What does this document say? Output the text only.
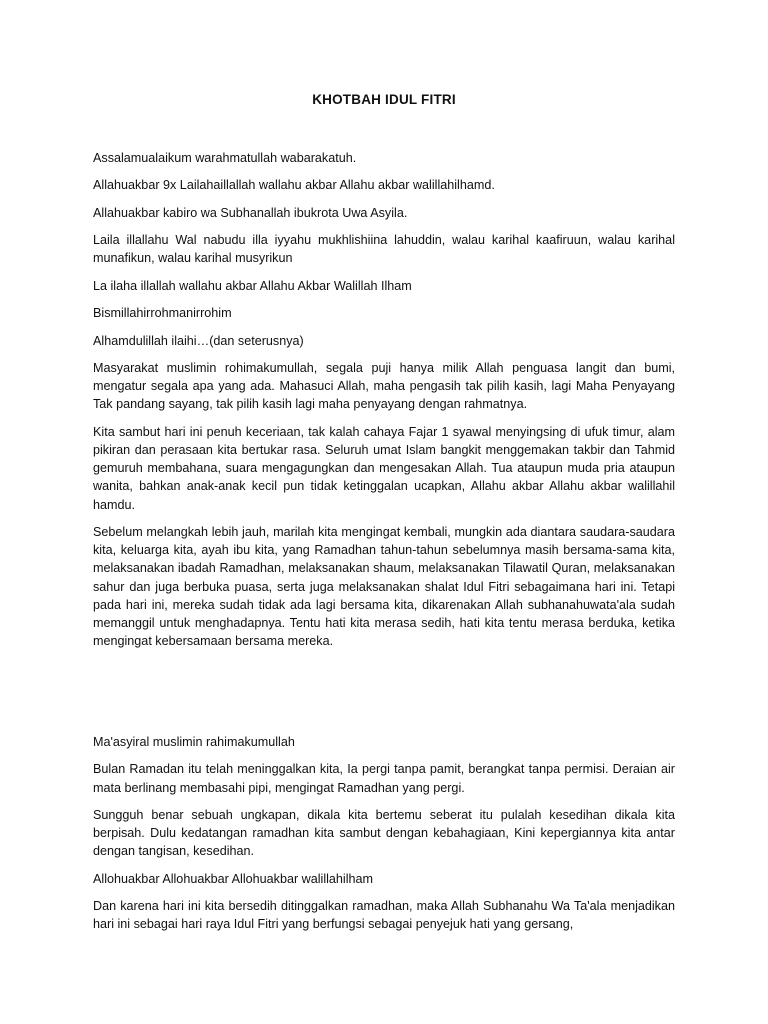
KHOTBAH IDUL FITRI

Assalamualaikum warahmatullah wabarakatuh.

Allahuakbar 9x Lailahaillallah wallahu akbar Allahu akbar walillahilhamd.

Allahuakbar kabiro wa Subhanallah ibukrota Uwa Asyila.

Laila illallahu Wal nabudu illa iyyahu mukhlishiina lahuddin, walau karihal kaafiruun, walau karihal munafikun, walau karihal musyrikun

La ilaha illallah wallahu akbar Allahu Akbar Walillah Ilham

Bismillahirrohmanirrohim

Alhamdulillah ilaihi…(dan seterusnya)

Masyarakat muslimin rohimakumullah, segala puji hanya milik Allah penguasa langit dan bumi, mengatur segala apa yang ada. Mahasuci Allah, maha pengasih tak pilih kasih, lagi Maha Penyayang Tak pandang sayang, tak pilih kasih lagi maha penyayang dengan rahmatnya.

Kita sambut hari ini penuh keceriaan, tak kalah cahaya Fajar 1 syawal menyingsing di ufuk timur, alam pikiran dan perasaan kita bertukar rasa. Seluruh umat Islam bangkit menggemakan takbir dan Tahmid gemuruh membahana, suara mengagungkan dan mengesakan Allah. Tua ataupun muda pria ataupun wanita, bahkan anak-anak kecil pun tidak ketinggalan ucapkan, Allahu akbar Allahu akbar walillahil hamdu.

Sebelum melangkah lebih jauh, marilah kita mengingat kembali, mungkin ada diantara saudara-saudara kita, keluarga kita, ayah ibu kita, yang Ramadhan tahun-tahun sebelumnya masih bersama-sama kita, melaksanakan ibadah Ramadhan, melaksanakan shaum, melaksanakan Tilawatil Quran, melaksanakan sahur dan juga berbuka puasa, serta juga melaksanakan shalat Idul Fitri sebagaimana hari ini. Tetapi pada hari ini, mereka sudah tidak ada lagi bersama kita, dikarenakan Allah subhanahuwata'ala sudah memanggil untuk menghadapnya. Tentu hati kita merasa sedih, hati kita tentu merasa berduka, ketika mengingat kebersamaan bersama mereka.

Ma'asyiral muslimin rahimakumullah

Bulan Ramadan itu telah meninggalkan kita, Ia pergi tanpa pamit, berangkat tanpa permisi. Deraian air mata berlinang membasahi pipi, mengingat Ramadhan yang pergi.

Sungguh benar sebuah ungkapan, dikala kita bertemu seberat itu pulalah kesedihan dikala kita berpisah. Dulu kedatangan ramadhan kita sambut dengan kebahagiaan, Kini kepergiannya kita antar dengan tangisan, kesedihan.

Allohuakbar Allohuakbar Allohuakbar walillahilham

Dan karena hari ini kita bersedih ditinggalkan ramadhan, maka Allah Subhanahu Wa Ta'ala menjadikan hari ini sebagai hari raya Idul Fitri yang berfungsi sebagai penyejuk hati yang gersang,
